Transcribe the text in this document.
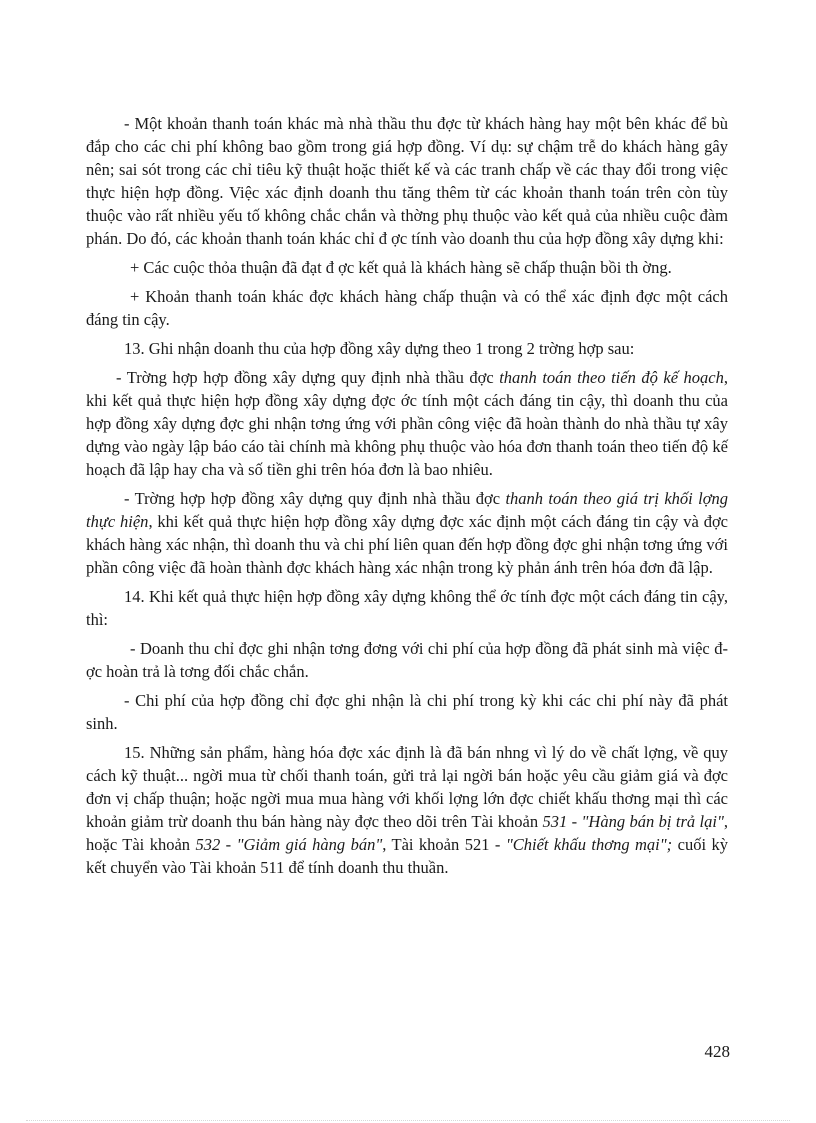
- Một khoản thanh toán khác mà nhà thầu thu đợc từ khách hàng hay một bên khác để bù đắp cho các chi phí không bao gồm trong giá hợp đồng. Ví dụ: sự chậm trễ do khách hàng gây nên; sai sót trong các chỉ tiêu kỹ thuật hoặc thiết kế và các tranh chấp về các thay đổi trong việc thực hiện hợp đồng. Việc xác định doanh thu tăng thêm từ các khoản thanh toán trên còn tùy thuộc vào rất nhiều yếu tố không chắc chắn và thờng phụ thuộc vào kết quả của nhiều cuộc đàm phán. Do đó, các khoản thanh toán khác chỉ đ ợc tính vào doanh thu của hợp đồng xây dựng khi:

+ Các cuộc thỏa thuận đã đạt đ ợc kết quả là khách hàng sẽ chấp thuận bồi th ờng.

+ Khoản thanh toán khác đợc khách hàng chấp thuận và có thể xác định đợc một cách đáng tin cậy.

13. Ghi nhận doanh thu của hợp đồng xây dựng theo 1 trong 2 trờng hợp sau:

- Trờng hợp hợp đồng xây dựng quy định nhà thầu đợc thanh toán theo tiến độ kế hoạch, khi kết quả thực hiện hợp đồng xây dựng đợc ớc tính một cách đáng tin cậy, thì doanh thu của hợp đồng xây dựng đợc ghi nhận tơng ứng với phần công việc đã hoàn thành do nhà thầu tự xây dựng vào ngày lập báo cáo tài chính mà không phụ thuộc vào hóa đơn thanh toán theo tiến độ kế hoạch đã lập hay cha và số tiền ghi trên hóa đơn là bao nhiêu.

- Trờng hợp hợp đồng xây dựng quy định nhà thầu đợc thanh toán theo giá trị khối lợng thực hiện, khi kết quả thực hiện hợp đồng xây dựng đợc xác định một cách đáng tin cậy và đợc khách hàng xác nhận, thì doanh thu và chi phí liên quan đến hợp đồng đợc ghi nhận tơng ứng với phần công việc đã hoàn thành đợc khách hàng xác nhận trong kỳ phản ánh trên hóa đơn đã lập.

14. Khi kết quả thực hiện hợp đồng xây dựng không thể ớc tính đợc một cách đáng tin cậy, thì:

- Doanh thu chỉ đợc ghi nhận tơng đơng với chi phí của hợp đồng đã phát sinh mà việc đợc hoàn trả là tơng đối chắc chắn.

- Chi phí của hợp đồng chỉ đợc ghi nhận là chi phí trong kỳ khi các chi phí này đã phát sinh.

15. Những sản phẩm, hàng hóa đợc xác định là đã bán nhng vì lý do về chất lợng, về quy cách kỹ thuật... ngời mua từ chối thanh toán, gửi trả lại ngời bán hoặc yêu cầu giảm giá và đợc đơn vị chấp thuận; hoặc ngời mua mua hàng với khối lợng lớn đợc chiết khấu thơng mại thì các khoản giảm trừ doanh thu bán hàng này đợc theo dõi trên Tài khoản 531 - "Hàng bán bị trả lại", hoặc Tài khoản 532 - "Giảm giá hàng bán", Tài khoản 521 - "Chiết khấu thơng mại"; cuối kỳ kết chuyển vào Tài khoản 511 để tính doanh thu thuần.

428
